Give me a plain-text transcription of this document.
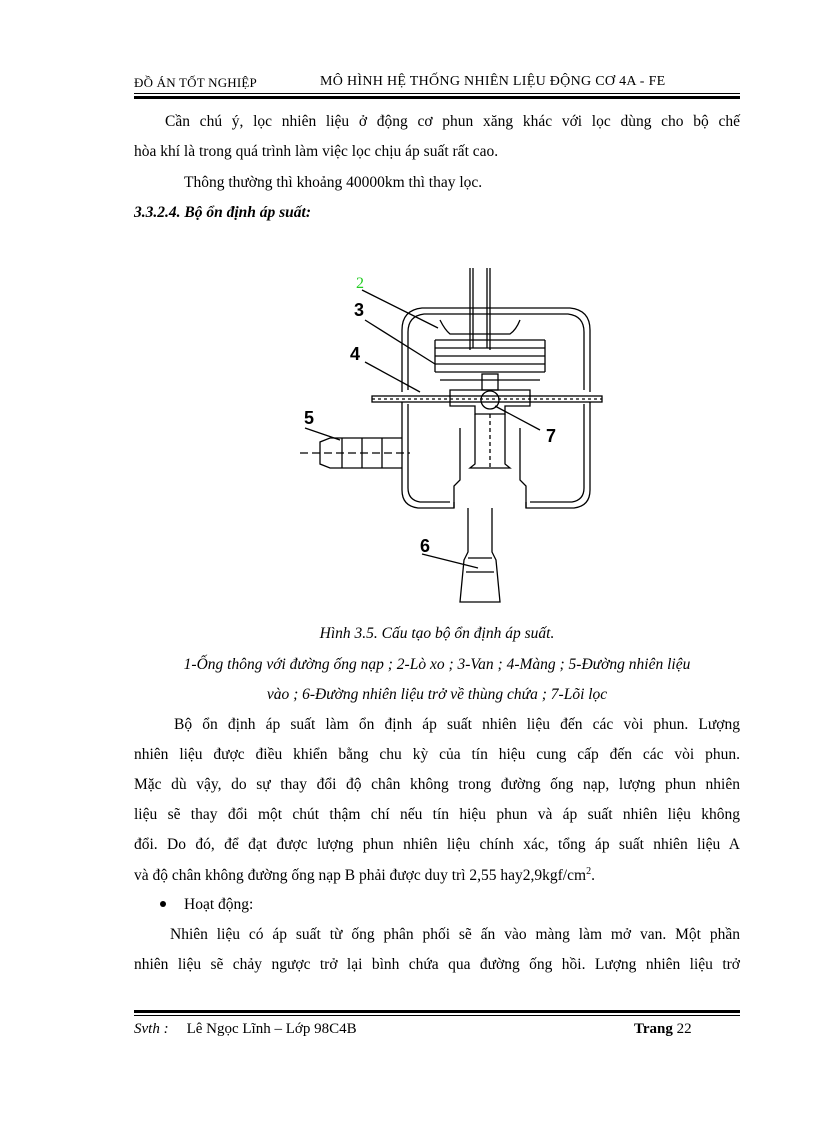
ĐỒ ÁN TỐT NGHIỆP	MÔ HÌNH HỆ THỐNG NHIÊN LIỆU ĐỘNG CƠ 4A - FE
Cần chú ý, lọc nhiên liệu ở động cơ phun xăng khác với lọc dùng cho bộ chế
hòa khí là trong quá trình làm việc lọc chịu áp suất rất cao.
Thông thường thì khoảng 40000km thì thay lọc.
3.3.2.4. Bộ ổn định áp suất:
2
3
4
5
7
6
Hình 3.5. Cấu tạo bộ ổn định áp suất.
1-Ống thông với đường ống nạp ; 2-Lò xo ; 3-Van ; 4-Màng ; 5-Đường nhiên liệu
vào ; 6-Đường nhiên liệu trở về thùng chứa ; 7-Lõi lọc
Bộ ổn định áp suất làm ổn định áp suất nhiên liệu đến các vòi phun. Lượng
nhiên liệu được điều khiển bằng chu kỳ của tín hiệu cung cấp đến các vòi phun.
Mặc dù vậy, do sự thay đổi độ chân không trong đường ống nạp, lượng phun nhiên
liệu sẽ thay đổi một chút thậm chí nếu tín hiệu phun và áp suất nhiên liệu không
đổi. Do đó, để đạt được lượng phun nhiên liệu chính xác, tổng áp suất nhiên liệu A
và độ chân không đường ống nạp B phải được duy trì 2,55 $hay2,9kgf/cm^2$.
Hoạt động:
Nhiên liệu có áp suất từ ống phân phối sẽ ấn vào màng làm mở van. Một phần
nhiên liệu sẽ chảy ngược trở lại bình chứa qua đường ống hồi. Lượng nhiên liệu trở
Svth : Lê Ngọc Lĩnh – Lớp 98C4B	Trang 22
